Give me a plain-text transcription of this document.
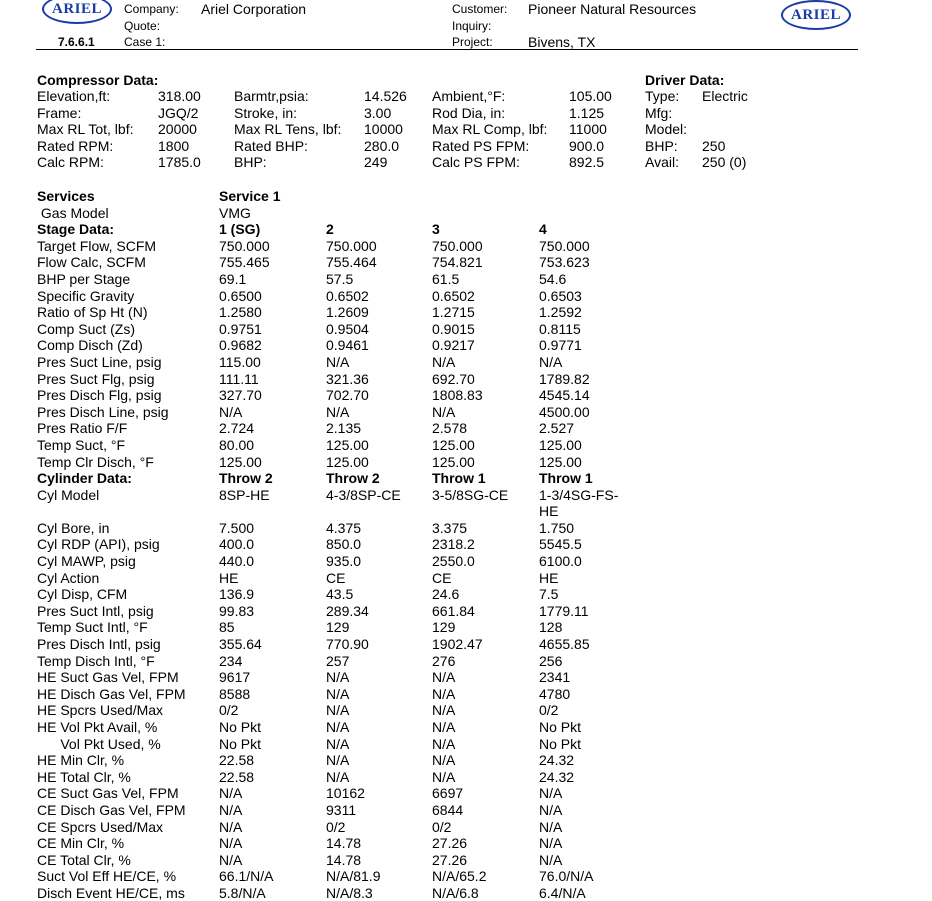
ARIEL	ARIEL
7.6.6.1
Company: Ariel Corporation
Quote:
Case 1:
Customer: Pioneer Natural Resources
Inquiry:
Project:	Bivens, TX
Compressor Data:
Elevation,ft:	318.00 Barmtr,psia:	14.526 Ambient,°F:	105.00
Frame:	JGQ/2	Stroke, in:	3.00	Rod Dia, in:	1.125
Max RL Tot, lbf: 20000	Max RL Tens, lbf: 10000 Max RL Comp, lbf: 11000
Rated RPM:	1800	Rated BHP:	280.0 Rated PS FPM:	900.0
Calc RPM:	1785.0 BHP:	249	Calc PS FPM:	892.5
Driver Data:
Type: Electric
Mfg:
Model:
BHP: 250
Avail: 250 (0)
Services	Service 1
Gas Model	VMG
Stage Data:	1 (SG)	2	3	4
Target Flow, SCFM	750.000	750.000	750.000	750.000
Flow Calc, SCFM	755.465	755.464	754.821	753.623
BHP per Stage	69.1	57.5	61.5	54.6
Specific Gravity	0.6500	0.6502	0.6502	0.6503
Ratio of Sp Ht (N)	1.2580	1.2609	1.2715	1.2592
Comp Suct (Zs)	0.9751	0.9504	0.9015	0.8115
Comp Disch (Zd)	0.9682	0.9461	0.9217	0.9771
Pres Suct Line, psig	115.00	N/A	N/A	N/A
Pres Suct Flg, psig	111.11	321.36	692.70	1789.82
Pres Disch Flg, psig	327.70	702.70	1808.83	4545.14
Pres Disch Line, psig	N/A	N/A	N/A	4500.00
Pres Ratio F/F	2.724	2.135	2.578	2.527
Temp Suct, °F	80.00	125.00	125.00	125.00
Temp Clr Disch, °F	125.00	125.00	125.00	125.00
Cylinder Data:	Throw 2	Throw 2	Throw 1	Throw 1
Cyl Model	8SP-HE	4-3/8SP-CE 3-5/8SG-CE 1-3/4SG-FS-
HE
Cyl Bore, in	7.500	4.375	3.375	1.750
Cyl RDP (API), psig	400.0	850.0	2318.2	5545.5
Cyl MAWP, psig	440.0	935.0	2550.0	6100.0
Cyl Action	HE	CE	CE	HE
Cyl Disp, CFM	136.9	43.5	24.6	7.5
Pres Suct Intl, psig	99.83	289.34	661.84	1779.11
Temp Suct Intl, °F	85	129	129	128
Pres Disch Intl, psig	355.64	770.90	1902.47	4655.85
Temp Disch Intl, °F	234	257	276	256
HE Suct Gas Vel, FPM	9617	N/A	N/A	2341
HE Disch Gas Vel, FPM 8588	N/A	N/A	4780
HE Spcrs Used/Max	0/2	N/A	N/A	0/2
HE Vol Pkt Avail, %	No Pkt	N/A	N/A	No Pkt
Vol Pkt Used, %	No Pkt	N/A	N/A	No Pkt
HE Min Clr, %	22.58	N/A	N/A	24.32
HE Total Clr, %	22.58	N/A	N/A	24.32
CE Suct Gas Vel, FPM	N/A	10162	6697	N/A
CE Disch Gas Vel, FPM N/A	9311	6844	N/A
CE Spcrs Used/Max	N/A	0/2	0/2	N/A
CE Min Clr, %	N/A	14.78	27.26	N/A
CE Total Clr, %	N/A	14.78	27.26	N/A
Suct Vol Eff HE/CE, %	66.1/N/A	N/A/81.9	N/A/65.2	76.0/N/A
Disch Event HE/CE, ms 5.8/N/A	N/A/8.3	N/A/6.8	6.4/N/A
